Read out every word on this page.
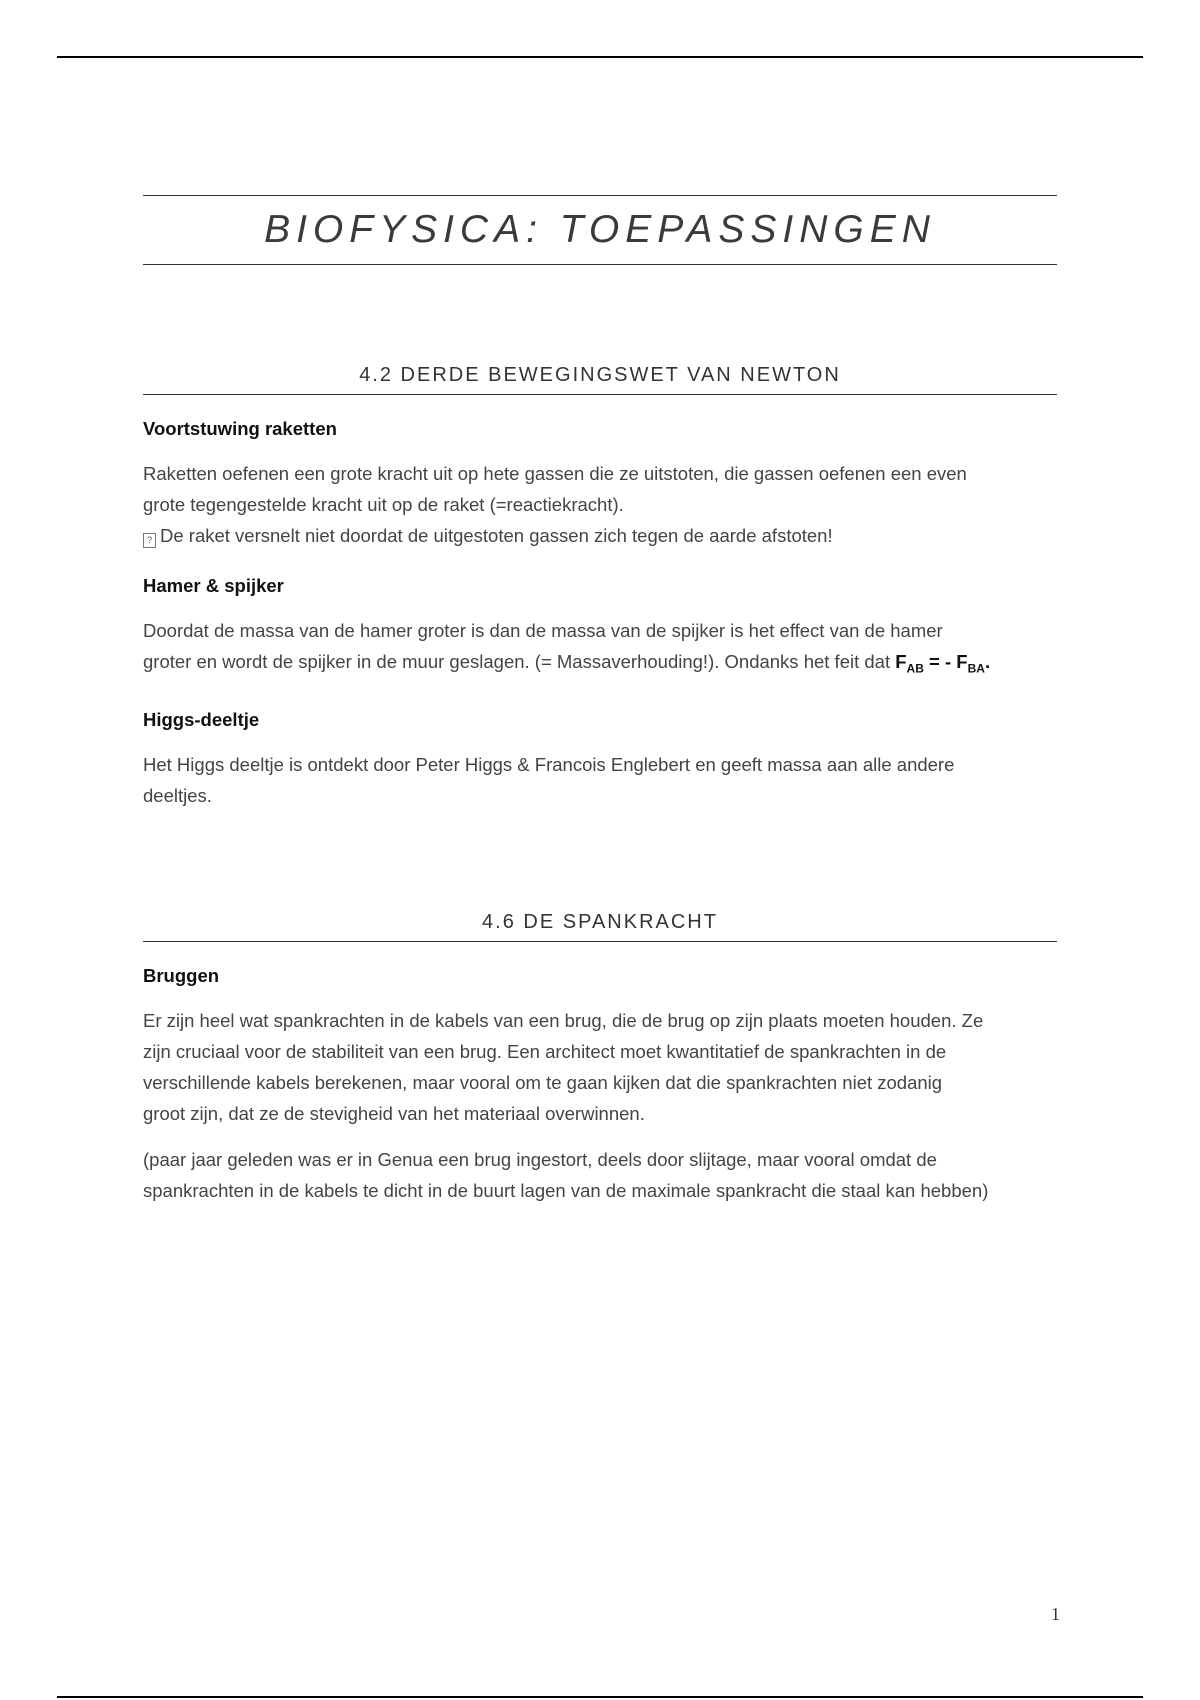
BIOFYSICA: TOEPASSINGEN
4.2 DERDE BEWEGINGSWET VAN NEWTON
Voortstuwing raketten

Raketten oefenen een grote kracht uit op hete gassen die ze uitstoten, die gassen oefenen een even
grote tegengestelde kracht uit op de raket (=reactiekracht).
? De raket versnelt niet doordat de uitgestoten gassen zich tegen de aarde afstoten!

Hamer & spijker

Doordat de massa van de hamer groter is dan de massa van de spijker is het effect van de hamer
groter en wordt de spijker in de muur geslagen. (= Massaverhouding!). Ondanks het feit dat $F_{AB}$ = - $F_{BA}$.

Higgs-deeltje

Het Higgs deeltje is ontdekt door Peter Higgs & Francois Englebert en geeft massa aan alle andere
deeltjes.

4.6 DE SPANKRACHT
Bruggen

Er zijn heel wat spankrachten in de kabels van een brug, die de brug op zijn plaats moeten houden. Ze
zijn cruciaal voor de stabiliteit van een brug. Een architect moet kwantitatief de spankrachten in de
verschillende kabels berekenen, maar vooral om te gaan kijken dat die spankrachten niet zodanig
groot zijn, dat ze de stevigheid van het materiaal overwinnen.

(paar jaar geleden was er in Genua een brug ingestort, deels door slijtage, maar vooral omdat de
spankrachten in de kabels te dicht in de buurt lagen van de maximale spankracht die staal kan hebben)

1
